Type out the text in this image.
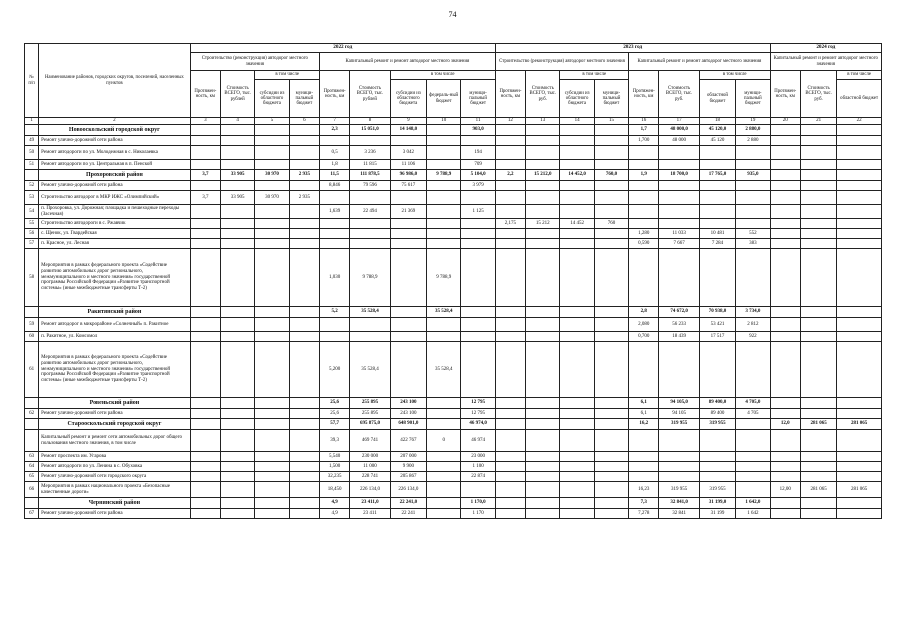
74
№ п/п	Наименование районов, городских округов, поселений, населенных пунктов	2022 год									2023 год								2024 год		
		Строительство (реконструкция) автодорог местного значения				Капитальный ремонт и ремонт автодорог местного значения					Строительство (реконструкция) автодорог местного значения				Капитальный ремонт и ремонт автодорог местного значения				Капитальный ремонт и ремонт автодорог местного значения		
		Протяжен-ность, км	Стоимость ВСЕГО, тыс. рублей	в том числе		Протяжен-ность, км	Стоимость ВСЕГО, тыс. рублей	в том числе			Протяжен-ность, км	Стоимость ВСЕГО, тыс. руб.	в том числе		Протяжен-ность, км	Стоимость ВСЕГО, тыс. руб.	в том числе		Протяжен-ность, км	Стоимость ВСЕГО, тыс. руб.	в том числе
				субсидии из областного бюджета	муници-пальный бюджет			субсидии из областного бюджета	федераль-ный бюджет	муници-пальный бюджет			субсидии из областного бюджета	муници-пальный бюджет			областной бюджет	муници-пальный бюджет			областной бюджет
1	2	3	4	5	6	7	8	9	10	11	12	13	14	15	16	17	18	19	20	21	22
	Новооскольский городской округ					2,3	15 051,0	14 148,0		903,0					1,7	48 000,0	45 120,0	2 880,0			
49	Ремонт улично-дорожной сети района														1,700	48 000	45 120	2 880			
50	Ремонт автодороги по ул. Молодежная в с. Николаевка					0,5	3 236	3 042		194											
51	Ремонт автодороги по ул. Центральная в п. Пенской					1,8	11 815	11 106		709											
	Прохоровский район	3,7	33 905	30 970	2 935	11,5	111 878,5	96 986,0	9 788,9	5 104,0	2,2	15 212,0	14 452,0	760,0	1,9	18 700,0	17 765,0	935,0			
52	Ремонт улично-дорожной сети района					8,846	79 596	75 617		3 979											
53	Строительство автодорог в МКР ИЖС «Олимпийский»	3,7	33 905	30 970	2 935																
54	п. Прохоровка, ул. Дорожная; площадка и пешеходные переходы (Засечная)					1,639	22 494	21 369		1 125											
55	Строительство автодороги в с. Ржавчик										2,175	15 212	14 452	760							
56	с. Щенок, ул. Гвардейская														1,280	11 033	10 481	552			
57	п. Красное, ул. Лесная														0,590	7 667	7 284	383			
58	Мероприятия в рамках федерального проекта «Содействие развитию автомобильных дорог регионального, межмуниципального и местного значения» государственной программы Российской Федерации «Развитие транспортной системы» (иные межбюджетные трансферты Т-2)					1,030	9 788,9		9 788,9												
	Ракитянский район					5,2	35 528,4		35 528,4						2,8	74 672,0	70 938,0	3 734,0			
59	Ремонт автодорог в микрорайоне «Солнечный» п. Ракитное														2,080	56 233	53 421	2 812			
60	п. Ракитное, ул. Комсомол														0,700	18 439	17 517	922			
61	Мероприятия в рамках федерального проекта «Содействие развитию автомобильных дорог регионального, межмуниципального и местного значения» государственной программы Российской Федерации «Развитие транспортной системы» (иные межбюджетные трансферты Т-2)					5,200	35 528,4		35 528,4												
	Ровеньский район					25,6	255 895	243 100		12 795					6,1	94 105,0	89 400,0	4 705,0			
62	Ремонт улично-дорожной сети района					25,6	255 895	243 100		12 795					6,1	94 105	89 400	4 705			
	Старооскольский городской округ					57,7	695 875,0	648 901,0		46 974,0					16,2	319 955	319 955		12,0	281 065	281 065
	Капитальный ремонт и ремонт сети автомобильных дорог общего пользования местного значения, в том числе					39,3	469 741	422 767	0	46 974											
63	Ремонт проспекта им. Угарова					5,540	230 000	207 000		23 000											
64	Ремонт автодороги по ул. Ленина в с. Обуховка					1,500	11 000	9 900		1 100											
65	Ремонт улично-дорожной сети городского округа					32,235	228 741	205 867		22 874											
66	Мероприятия в рамках национального проекта «Безопасные качественные дороги»					18,450	226 134,0	226 134,0							16,23	319 955	319 955		12,00	281 065	281 065
	Чернянский район					4,9	23 411,0	22 241,0		1 170,0					7,3	32 841,0	31 199,0	1 642,0			
67	Ремонт улично-дорожной сети района					4,9	23 411	22 241		1 170					7,278	32 841	31 199	1 642			
